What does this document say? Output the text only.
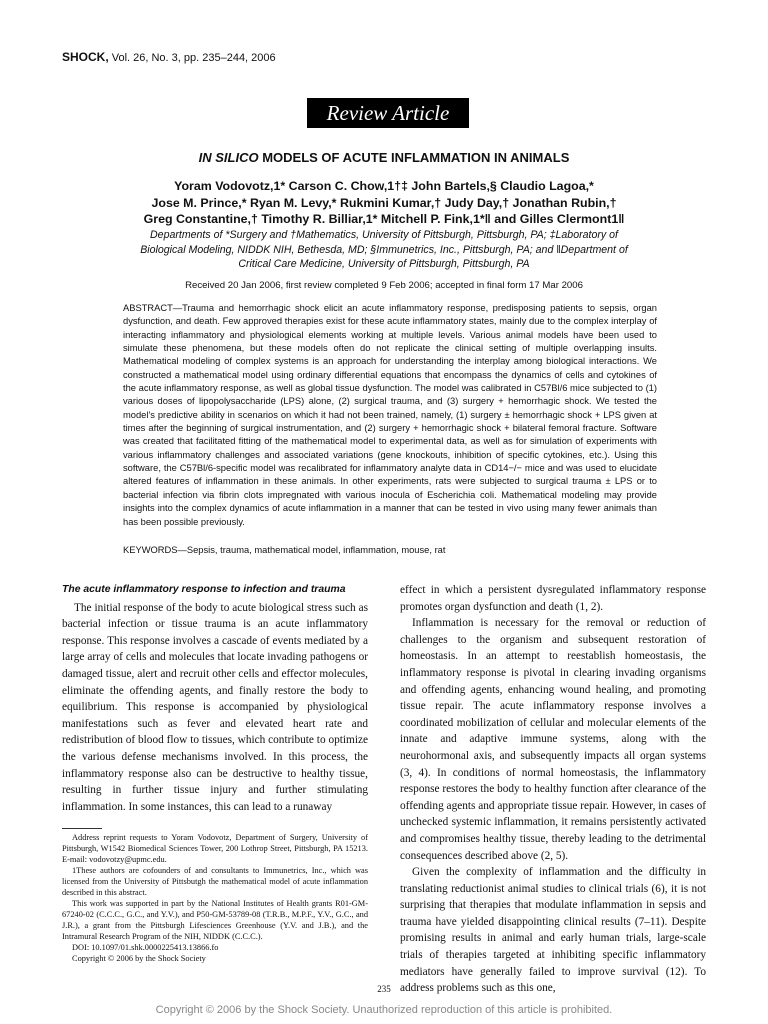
SHOCK, Vol. 26, No. 3, pp. 235–244, 2006
Review Article
IN SILICO MODELS OF ACUTE INFLAMMATION IN ANIMALS
Yoram Vodovotz,1* Carson C. Chow,1†‡ John Bartels,§ Claudio Lagoa,*
Jose M. Prince,* Ryan M. Levy,* Rukmini Kumar,† Judy Day,† Jonathan Rubin,†
Greg Constantine,† Timothy R. Billiar,1* Mitchell P. Fink,1*‖ and Gilles Clermont1‖
Departments of *Surgery and †Mathematics, University of Pittsburgh, Pittsburgh, PA; ‡Laboratory of
Biological Modeling, NIDDK NIH, Bethesda, MD; §Immunetrics, Inc., Pittsburgh, PA; and ‖Department of
Critical Care Medicine, University of Pittsburgh, Pittsburgh, PA
Received 20 Jan 2006, first review completed 9 Feb 2006; accepted in final form 17 Mar 2006
ABSTRACT—Trauma and hemorrhagic shock elicit an acute inflammatory response, predisposing patients to sepsis, organ dysfunction, and death. Few approved therapies exist for these acute inflammatory states, mainly due to the complex interplay of interacting inflammatory and physiological elements working at multiple levels. Various animal models have been used to simulate these phenomena, but these models often do not replicate the clinical setting of multiple overlapping insults. Mathematical modeling of complex systems is an approach for understanding the interplay among biological interactions. We constructed a mathematical model using ordinary differential equations that encompass the dynamics of cells and cytokines of the acute inflammatory response, as well as global tissue dysfunction. The model was calibrated in C57Bl/6 mice subjected to (1) various doses of lipopolysaccharide (LPS) alone, (2) surgical trauma, and (3) surgery + hemorrhagic shock. We tested the model's predictive ability in scenarios on which it had not been trained, namely, (1) surgery ± hemorrhagic shock + LPS given at times after the beginning of surgical instrumentation, and (2) surgery + hemorrhagic shock + bilateral femoral fracture. Software was created that facilitated fitting of the mathematical model to experimental data, as well as for simulation of experiments with various inflammatory challenges and associated variations (gene knockouts, inhibition of specific cytokines, etc.). Using this software, the C57Bl/6-specific model was recalibrated for inflammatory analyte data in CD14−/− mice and was used to elucidate altered features of inflammation in these animals. In other experiments, rats were subjected to surgical trauma ± LPS or to bacterial infection via fibrin clots impregnated with various inocula of Escherichia coli. Mathematical modeling may provide insights into the complex dynamics of acute inflammation in a manner that can be tested in vivo using many fewer animals than has been possible previously.
KEYWORDS—Sepsis, trauma, mathematical model, inflammation, mouse, rat
The acute inflammatory response to infection and trauma

The initial response of the body to acute biological stress such as bacterial infection or tissue trauma is an acute inflammatory response. This response involves a cascade of events mediated by a large array of cells and molecules that locate invading pathogens or damaged tissue, alert and recruit other cells and effector molecules, eliminate the offending agents, and finally restore the body to equilibrium. This response is accompanied by physiological manifestations such as fever and elevated heart rate and redistribution of blood flow to tissues, which contribute to optimize the various defense mechanisms involved. In this process, the inflammatory response also can be destructive to healthy tissue, resulting in further tissue injury and further stimulating inflammation. In some instances, this can lead to a runaway

Address reprint requests to Yoram Vodovotz, Department of Surgery, University of Pittsburgh, W1542 Biomedical Sciences Tower, 200 Lothrop Street, Pittsburgh, PA 15213. E-mail: vodovotzy@upmc.edu.

1These authors are cofounders of and consultants to Immunetrics, Inc., which was licensed from the University of Pittsbutgh the mathematical model of acute inflammation described in this abstract.

This work was supported in part by the National Institutes of Health grants R01-GM-67240-02 (C.C.C., G.C., and Y.V.), and P50-GM-53789-08 (T.R.B., M.P.F., Y.V., G.C., and J.R.), a grant from the Pittsburgh Lifesciences Greenhouse (Y.V. and J.B.), and the Intramural Research Program of the NIH, NIDDK (C.C.C.).

DOI: 10.1097/01.shk.0000225413.13866.fo

Copyright © 2006 by the Shock Society

effect in which a persistent dysregulated inflammatory response promotes organ dysfunction and death (1, 2).

Inflammation is necessary for the removal or reduction of challenges to the organism and subsequent restoration of homeostasis. In an attempt to reestablish homeostasis, the inflammatory response is pivotal in clearing invading organisms and offending agents, enhancing wound healing, and promoting tissue repair. The acute inflammatory response involves a coordinated mobilization of cellular and molecular elements of the innate and adaptive immune systems, along with the neurohormonal axis, and subsequently impacts all organ systems (3, 4). In conditions of normal homeostasis, the inflammatory response restores the body to healthy function after clearance of the offending agents and appropriate tissue repair. However, in cases of unchecked systemic inflammation, it remains persistently activated and compromises healthy tissue, thereby leading to the detrimental consequences described above (2, 5).

Given the complexity of inflammation and the difficulty in translating reductionist animal studies to clinical trials (6), it is not surprising that therapies that modulate inflammation in sepsis and trauma have yielded disappointing clinical results (7–11). Despite promising results in animal and early human trials, large-scale trials of therapies targeted at inhibiting specific inflammatory mediators have generally failed to improve survival (12). To address problems such as this one,

235
Copyright © 2006 by the Shock Society. Unauthorized reproduction of this article is prohibited.
